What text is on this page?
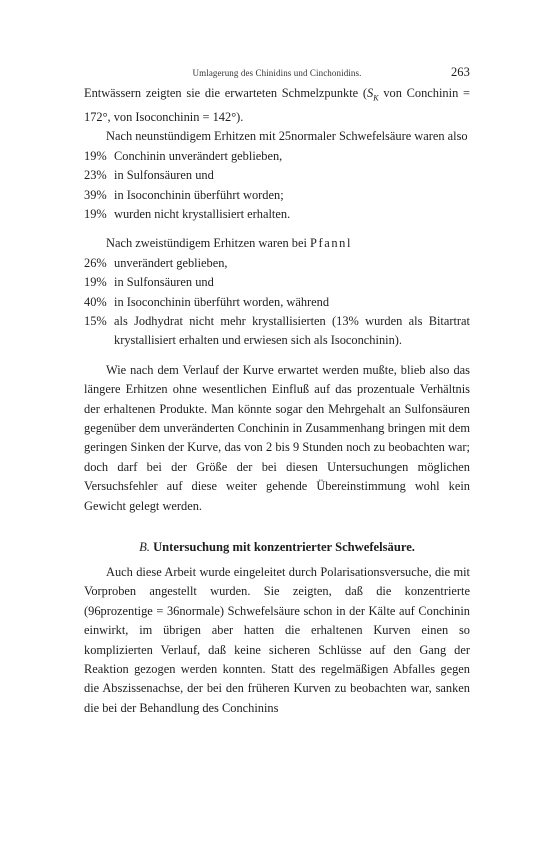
Umlagerung des Chinidins und Cinchonidins.	263

Entwässern zeigten sie die erwarteten Schmelzpunkte ($S_K$ von Conchinin = 172°, von Isoconchinin = 142°).

Nach neunstündigem Erhitzen mit 25normaler Schwefelsäure waren also

19% Conchinin unverändert geblieben,
23% in Sulfonsäuren und
39% in Isoconchinin überführt worden;
19% wurden nicht krystallisiert erhalten.

Nach zweistündigem Erhitzen waren bei Pfannl

26% unverändert geblieben,
19% in Sulfonsäuren und
40% in Isoconchinin überführt worden, während
15% als Jodhydrat nicht mehr krystallisierten (13% wurden als Bitartrat krystallisiert erhalten und erwiesen sich als Isoconchinin).

Wie nach dem Verlauf der Kurve erwartet werden mußte, blieb also das längere Erhitzen ohne wesentlichen Einfluß auf das prozentuale Verhältnis der erhaltenen Produkte. Man könnte sogar den Mehrgehalt an Sulfonsäuren gegenüber dem unveränderten Conchinin in Zusammenhang bringen mit dem geringen Sinken der Kurve, das von 2 bis 9 Stunden noch zu beobachten war; doch darf bei der Größe der bei diesen Untersuchungen möglichen Versuchsfehler auf diese weiter gehende Übereinstimmung wohl kein Gewicht gelegt werden.

B. Untersuchung mit konzentrierter Schwefelsäure.

Auch diese Arbeit wurde eingeleitet durch Polarisationsversuche, die mit Vorproben angestellt wurden. Sie zeigten, daß die konzentrierte (96prozentige = 36normale) Schwefelsäure schon in der Kälte auf Conchinin einwirkt, im übrigen aber hatten die erhaltenen Kurven einen so komplizierten Verlauf, daß keine sicheren Schlüsse auf den Gang der Reaktion gezogen werden konnten. Statt des regelmäßigen Abfalles gegen die Abszissenachse, der bei den früheren Kurven zu beobachten war, sanken die bei der Behandlung des Conchinins
